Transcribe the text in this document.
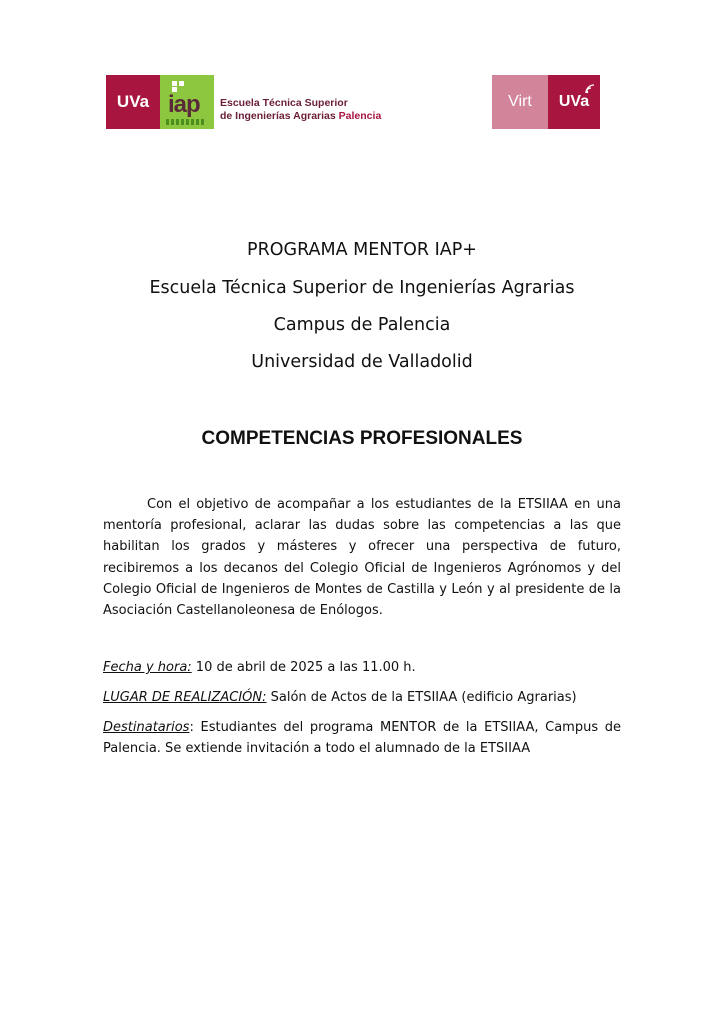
UVa iap Escuela Técnica Superior
de Ingenierías Agrarias Palencia
Virt UVa
PROGRAMA MENTOR IAP+
Escuela Técnica Superior de Ingenierías Agrarias
Campus de Palencia
Universidad de Valladolid
COMPETENCIAS PROFESIONALES
Con el objetivo de acompañar a los estudiantes de la ETSIIAA en una mentoría profesional, aclarar las dudas sobre las competencias a las que habilitan los grados y másteres y ofrecer una perspectiva de futuro, recibiremos a los decanos del Colegio Oficial de Ingenieros Agrónomos y del Colegio Oficial de Ingenieros de Montes de Castilla y León y al presidente de la Asociación Castellanoleonesa de Enólogos.
Fecha y hora: 10 de abril de 2025 a las 11.00 h.
LUGAR DE REALIZACIÓN: Salón de Actos de la ETSIIAA (edificio Agrarias)
Destinatarios: Estudiantes del programa MENTOR de la ETSIIAA, Campus de Palencia. Se extiende invitación a todo el alumnado de la ETSIIAA
